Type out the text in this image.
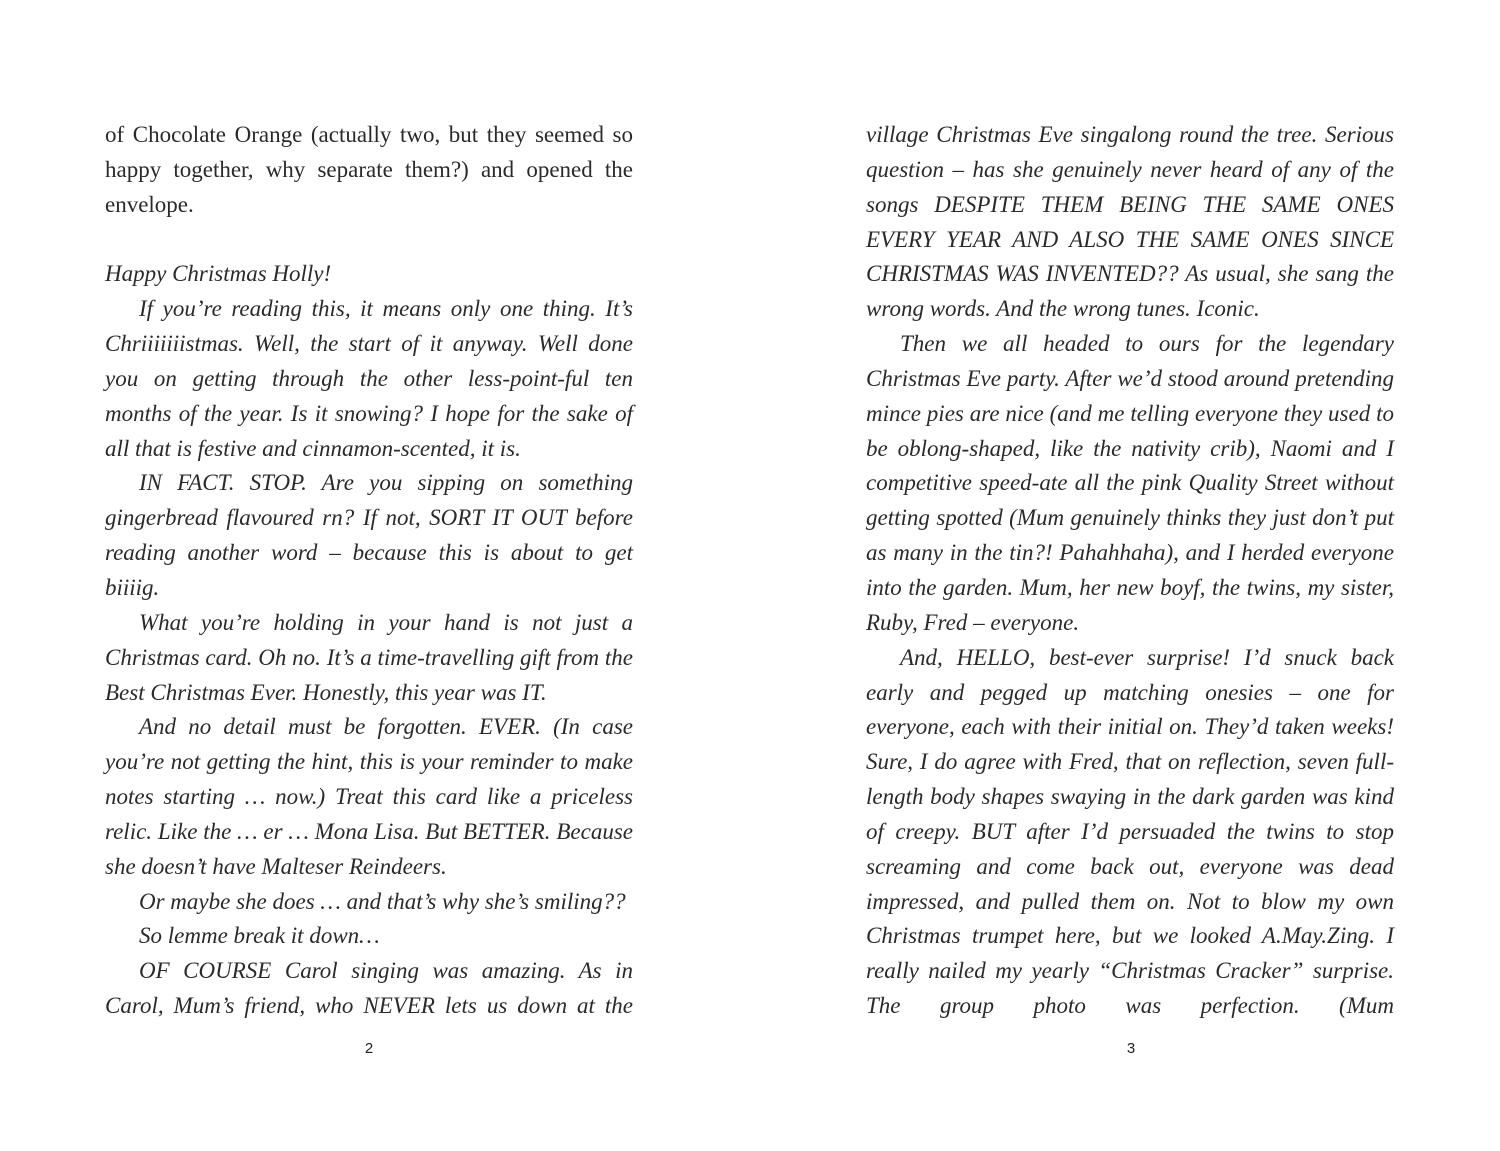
of Chocolate Orange (actually two, but they seemed so happy together, why separate them?) and opened the envelope.

Happy Christmas Holly!

If you’re reading this, it means only one thing. It’s Chriiiiiiistmas. Well, the start of it anyway. Well done you on getting through the other less-point-ful ten months of the year. Is it snowing? I hope for the sake of all that is festive and cinnamon-scented, it is.

IN FACT. STOP. Are you sipping on something gingerbread flavoured rn? If not, SORT IT OUT before reading another word – because this is about to get biiiig.

What you’re holding in your hand is not just a Christmas card. Oh no. It’s a time-travelling gift from the Best Christmas Ever. Honestly, this year was IT.

And no detail must be forgotten. EVER. (In case you’re not getting the hint, this is your reminder to make notes starting … now.) Treat this card like a priceless relic. Like the … er … Mona Lisa. But BETTER. Because she doesn’t have Malteser Reindeers.

Or maybe she does … and that’s why she’s smiling??

So lemme break it down…

OF COURSE Carol singing was amazing. As in Carol, Mum’s friend, who NEVER lets us down at the

village Christmas Eve singalong round the tree. Serious question – has she genuinely never heard of any of the songs DESPITE THEM BEING THE SAME ONES EVERY YEAR AND ALSO THE SAME ONES SINCE CHRISTMAS WAS INVENTED?? As usual, she sang the wrong words. And the wrong tunes. Iconic.

Then we all headed to ours for the legendary Christmas Eve party. After we’d stood around pretending mince pies are nice (and me telling everyone they used to be oblong-shaped, like the nativity crib), Naomi and I competitive speed-ate all the pink Quality Street without getting spotted (Mum genuinely thinks they just don’t put as many in the tin?! Pahahhaha), and I herded everyone into the garden. Mum, her new boyf, the twins, my sister, Ruby, Fred – everyone.

And, HELLO, best-ever surprise! I’d snuck back early and pegged up matching onesies – one for everyone, each with their initial on. They’d taken weeks! Sure, I do agree with Fred, that on reflection, seven full-length body shapes swaying in the dark garden was kind of creepy. BUT after I’d persuaded the twins to stop screaming and come back out, everyone was dead impressed, and pulled them on. Not to blow my own Christmas trumpet here, but we looked A.May.Zing. I really nailed my yearly “Christmas Cracker” surprise. The group photo was perfection. (Mum

2	3
